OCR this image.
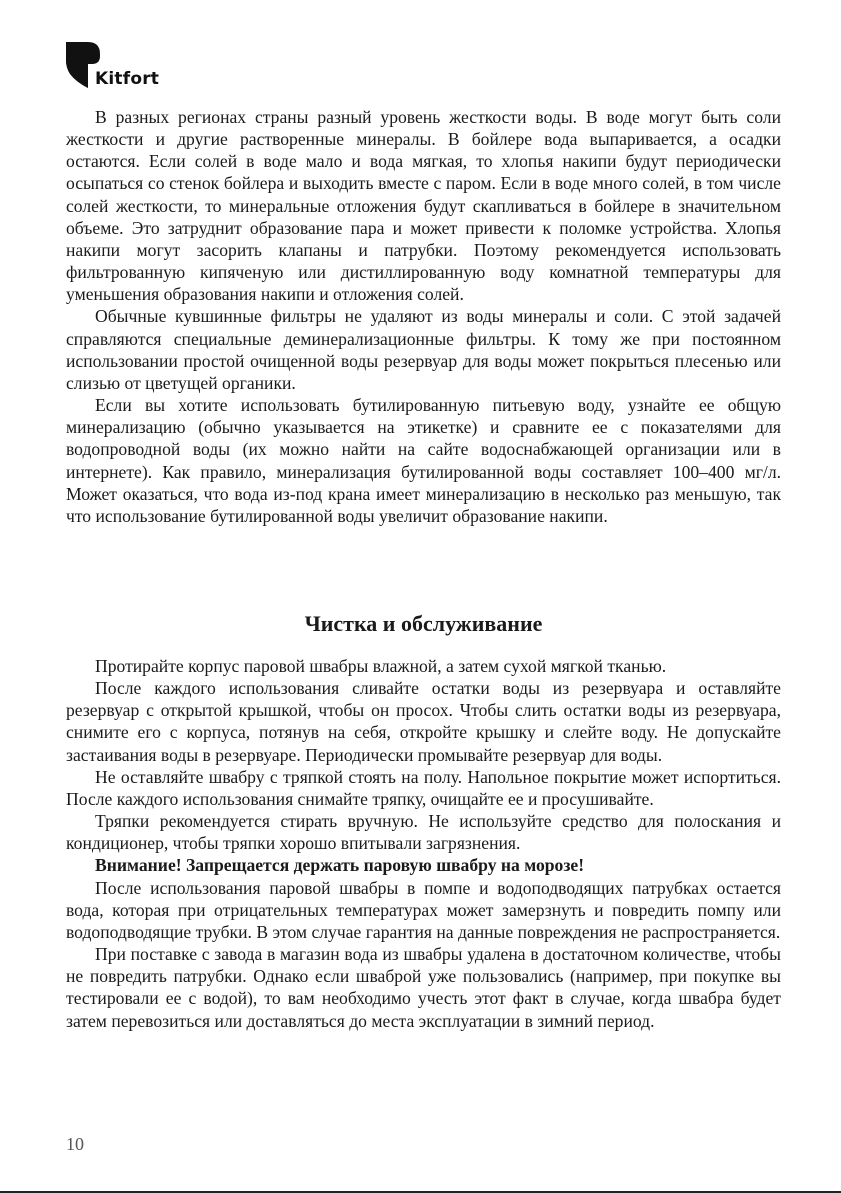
Kitfort

В разных регионах страны разный уровень жесткости воды. В воде могут быть соли жесткости и другие растворенные минералы. В бойлере вода выпаривается, а осадки остаются. Если солей в воде мало и вода мягкая, то хлопья накипи будут периодически осыпаться со стенок бойлера и выходить вместе с паром. Если в воде много солей, в том числе солей жесткости, то минеральные отложения будут скапливаться в бойлере в значительном объеме. Это затруднит образование пара и может привести к поломке устройства. Хлопья накипи могут засорить клапаны и патрубки. Поэтому рекомендуется использовать фильтрованную кипяченую или дистиллированную воду комнатной температуры для уменьшения образования накипи и отложения солей.

Обычные кувшинные фильтры не удаляют из воды минералы и соли. С этой задачей справляются специальные деминерализационные фильтры. К тому же при постоянном использовании простой очищенной воды резервуар для воды может покрыться плесенью или слизью от цветущей органики.

Если вы хотите использовать бутилированную питьевую воду, узнайте ее общую минерализацию (обычно указывается на этикетке) и сравните ее с показателями для водопроводной воды (их можно найти на сайте водоснабжающей организации или в интернете). Как правило, минерализация бутилированной воды составляет 100–400 мг/л. Может оказаться, что вода из-под крана имеет минерализацию в несколько раз меньшую, так что использование бутилированной воды увеличит образование накипи.

Чистка и обслуживание

Протирайте корпус паровой швабры влажной, а затем сухой мягкой тканью.

После каждого использования сливайте остатки воды из резервуара и оставляйте резервуар с открытой крышкой, чтобы он просох. Чтобы слить остатки воды из резервуара, снимите его с корпуса, потянув на себя, откройте крышку и слейте воду. Не допускайте застаивания воды в резервуаре. Периодически промывайте резервуар для воды.

Не оставляйте швабру с тряпкой стоять на полу. Напольное покрытие может испортиться. После каждого использования снимайте тряпку, очищайте ее и просушивайте.

Тряпки рекомендуется стирать вручную. Не используйте средство для полоскания и кондиционер, чтобы тряпки хорошо впитывали загрязнения.

Внимание! Запрещается держать паровую швабру на морозе!

После использования паровой швабры в помпе и водоподводящих патрубках остается вода, которая при отрицательных температурах может замерзнуть и повредить помпу или водоподводящие трубки. В этом случае гарантия на данные повреждения не распространяется.

При поставке с завода в магазин вода из швабры удалена в достаточном количестве, чтобы не повредить патрубки. Однако если шваброй уже пользовались (например, при покупке вы тестировали ее с водой), то вам необходимо учесть этот факт в случае, когда швабра будет затем перевозиться или доставляться до места эксплуатации в зимний период.

10
